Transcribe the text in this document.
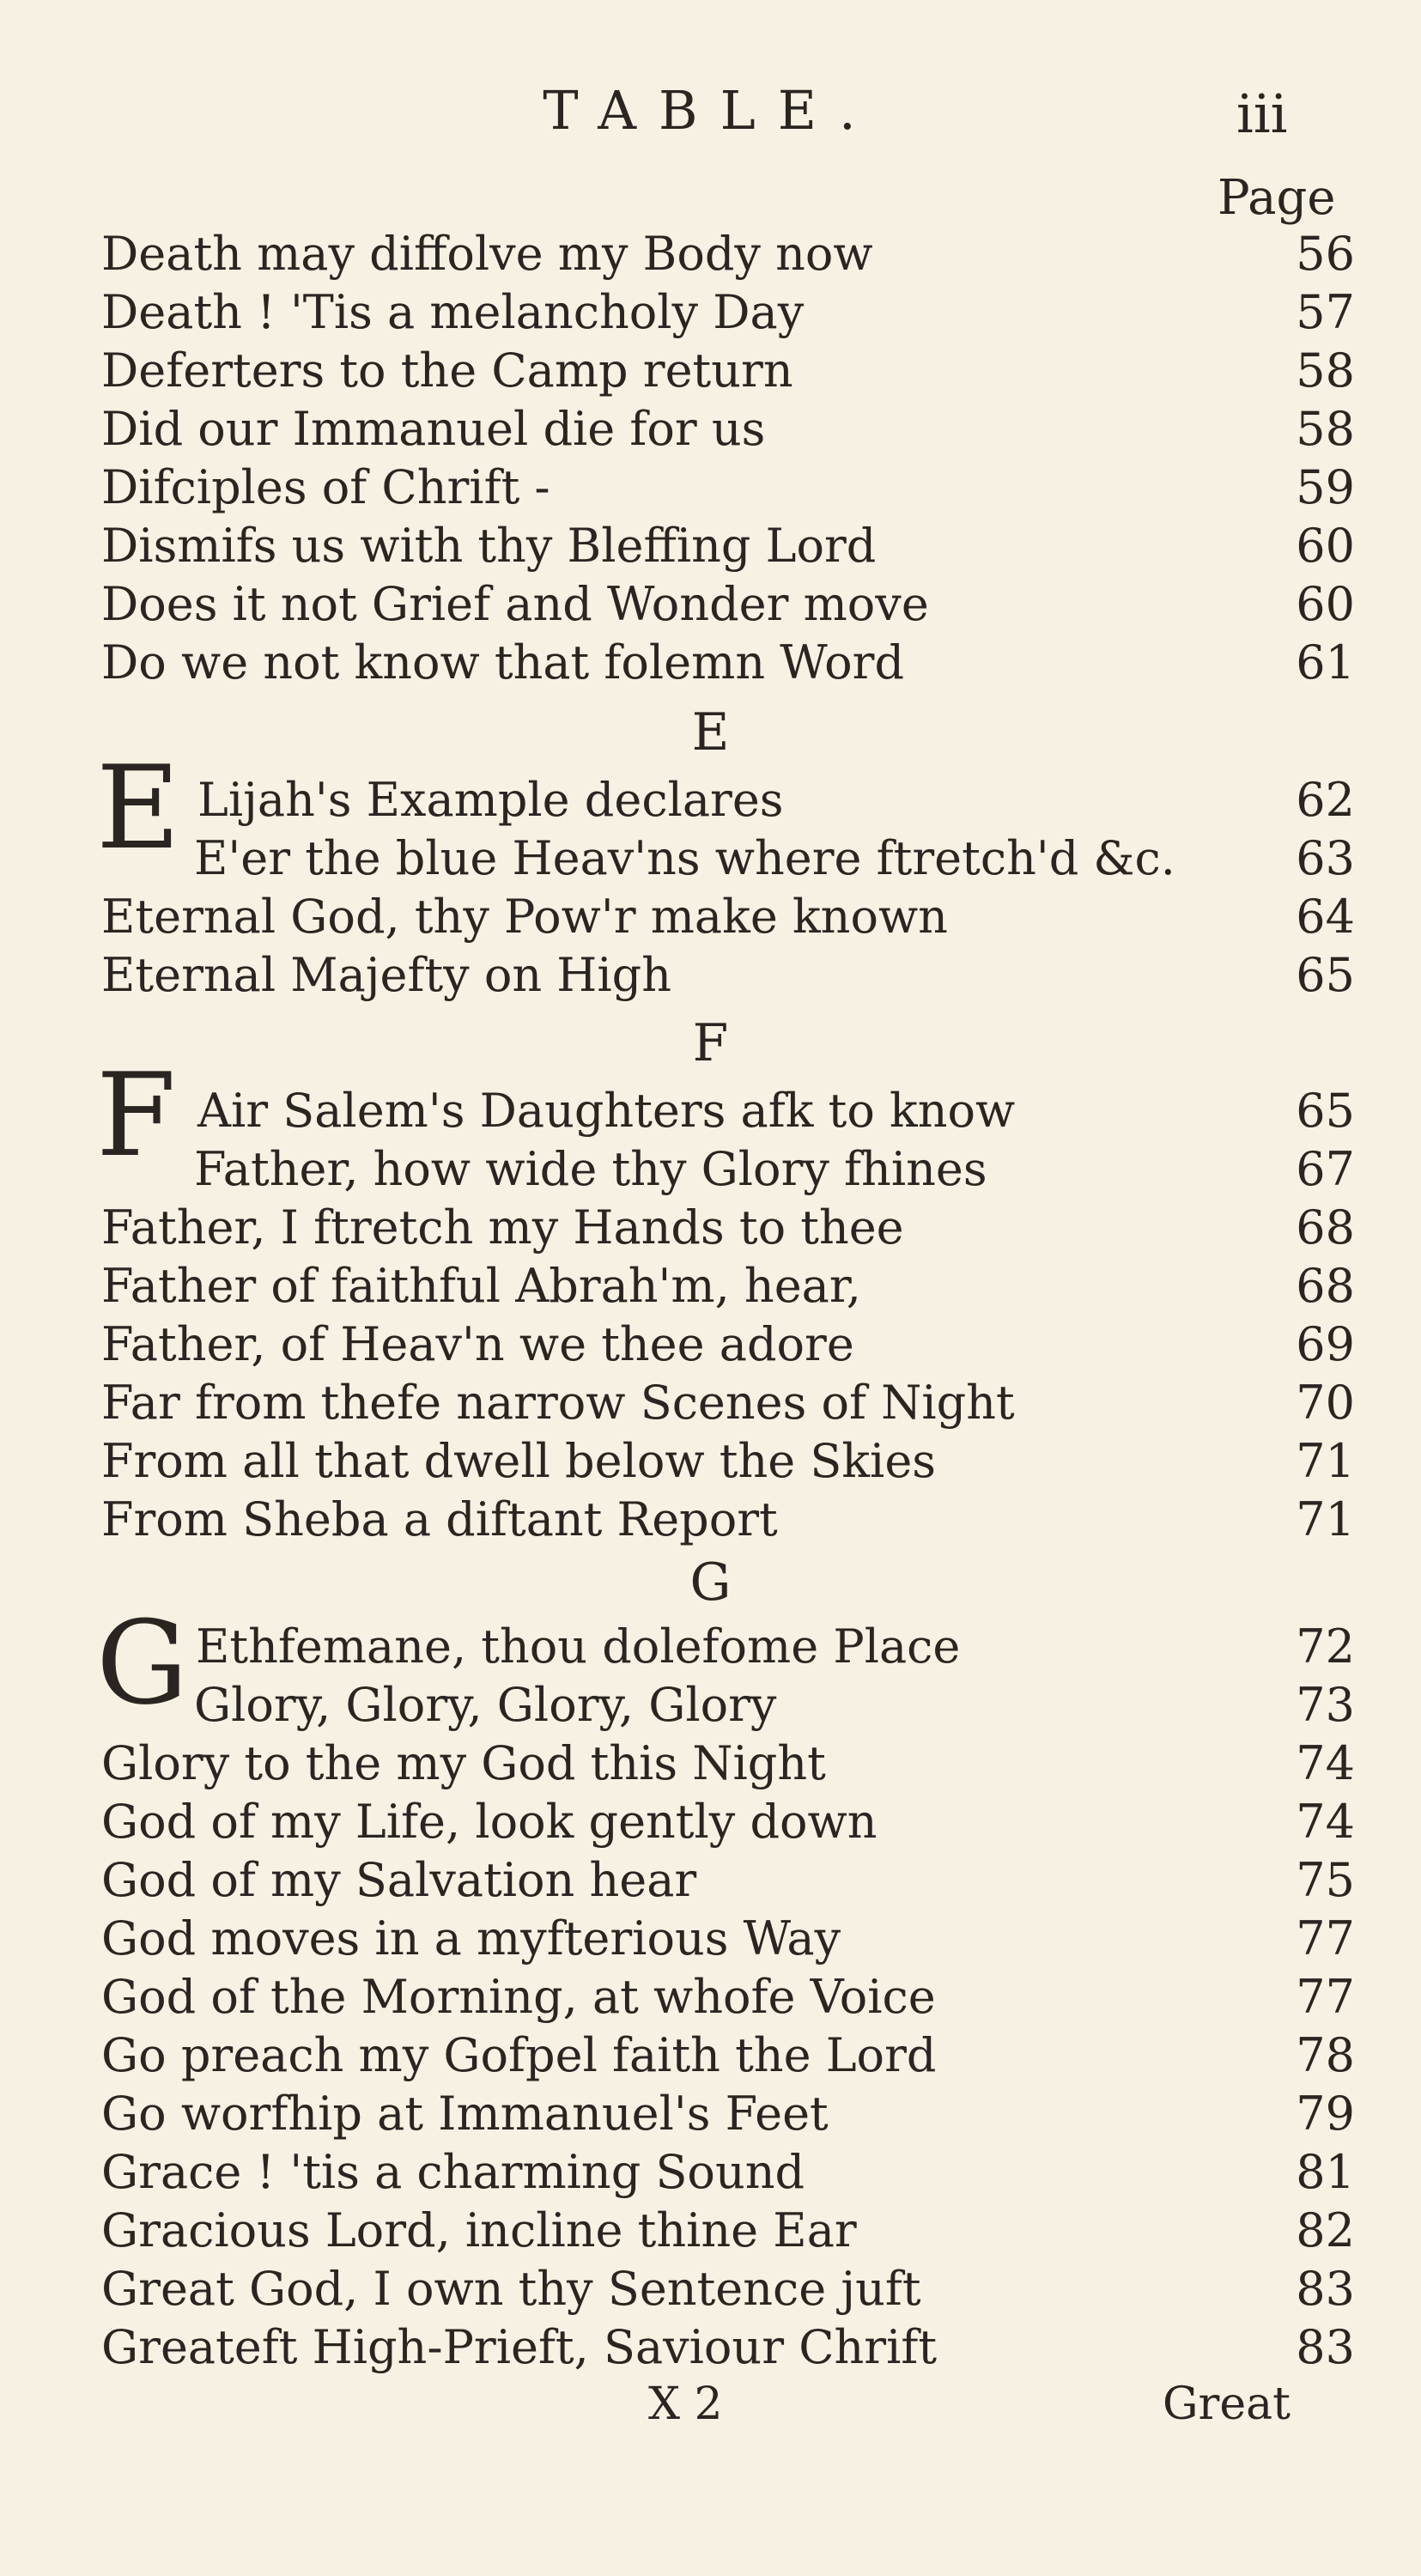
TABLE.	iii
Page
Death may diffolve my Body now	56
Death ! 'Tis a melancholy Day	57
Deferters to the Camp return	58
Did our Immanuel die for us	58
Difciples of Chrift -	59
Dismifs us with thy Bleffing Lord	60
Does it not Grief and Wonder move	60
Do we not know that folemn Word	61
E
E Lijah's Example declares	62
E'er the blue Heav'ns where ftretch'd &c.	63
Eternal God, thy Pow'r make known	64
Eternal Majefty on High	65
F
F Air Salem's Daughters afk to know	65
Father, how wide thy Glory fhines	67
Father, I ftretch my Hands to thee	68
Father of faithful Abrah'm, hear,	68
Father, of Heav'n we thee adore	69
Far from thefe narrow Scenes of Night	70
From all that dwell below the Skies	71
From Sheba a diftant Report	71
G
G Ethfemane, thou dolefome Place	72
Glory, Glory, Glory, Glory	73
Glory to the my God this Night	74
God of my Life, look gently down	74
God of my Salvation hear	75
God moves in a myfterious Way	77
God of the Morning, at whofe Voice	77
Go preach my Gofpel faith the Lord	78
Go worfhip at Immanuel's Feet	79
Grace ! 'tis a charming Sound	81
Gracious Lord, incline thine Ear	82
Great God, I own thy Sentence juft	83
Greateft High-Prieft, Saviour Chrift	83
X 2	Great
